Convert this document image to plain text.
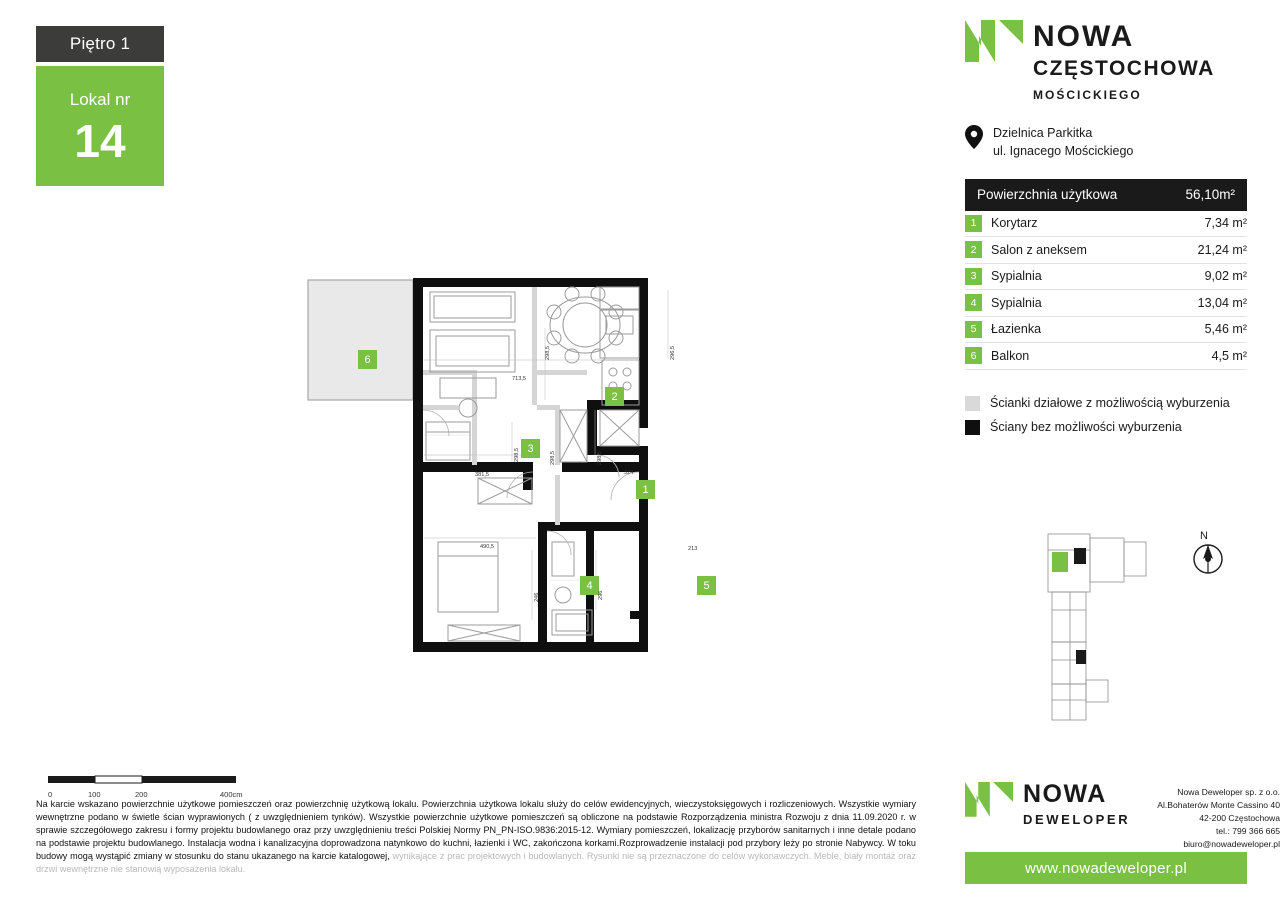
Piętro 1
Lokal nr
14
6
2
3
1
4	5
713,5
381,5
490,5
324
213
298,5
298,5
296,5
298,5
298,5
246	296
NOWA
CZĘSTOCHOWA
MOŚCICKIEGO
Dzielnica Parkitka
ul. Ignacego Mościckiego
Powierzchnia użytkowa	56,10m²
1	Korytarz	7,34 m²
2	Salon z aneksem	21,24 m²
3	Sypialnia	9,02 m²
4	Sypialnia	13,04 m²
5	Łazienka	5,46 m²
6	Balkon	4,5 m²
Ścianki działowe z możliwością wyburzenia
Ściany bez możliwości wyburzenia
N
0	100	200	400cm
Na karcie wskazano powierzchnie użytkowe pomieszczeń oraz powierzchnię użytkową lokalu. Powierzchnia użytkowa lokalu służy do celów ewidencyjnych, wieczystoksięgowych i rozliczeniowych. Wszystkie wymiary wewnętrzne podano w świetle ścian wyprawionych ( z uwzględnieniem tynków). Wszystkie powierzchnie użytkowe pomieszczeń są obliczone na podstawie Rozporządzenia ministra Rozwoju z dnia 11.09.2020 r. w sprawie szczegółowego zakresu i formy projektu budowlanego oraz przy uwzględnieniu treści Polskiej Normy PN_PN-ISO.9836:2015-12. Wymiary pomieszczeń, lokalizację przyborów sanitarnych i inne detale podano na podstawie projektu budowlanego. Instalacja wodna i kanalizacyjna doprowadzona natynkowo do kuchni, łazienki i WC, zakończona korkami.Rozprowadzenie instalacji pod przybory leży po stronie Nabywcy. W toku budowy mogą wystąpić zmiany w stosunku do stanu ukazanego na karcie katalogowej, wynikające z prac projektowych i budowlanych. Rysunki nie są przeznaczone do celów wykonawczych. Meble, biały montaż oraz drzwi wewnętrzne nie stanowią wyposażenia lokalu.
NOWA
DEWELOPER
Nowa Deweloper sp. z o.o.
Al.Bohaterów Monte Cassino 40
42-200 Częstochowa
tel.: 799 366 665
biuro@nowadeweloper.pl
www.nowadeweloper.pl
